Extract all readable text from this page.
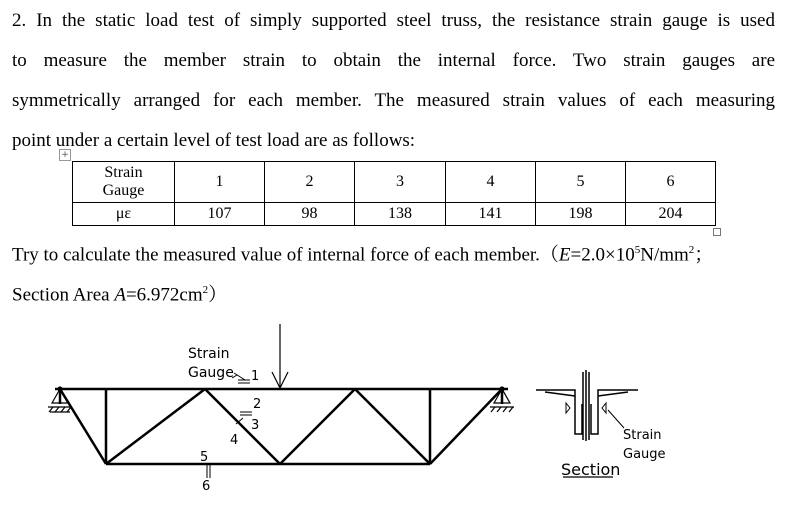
2. In the static load test of simply supported steel truss, the resistance strain gauge is used
to measure the member strain to obtain the internal force. Two strain gauges are
symmetrically arranged for each member. The measured strain values of each measuring
point under a certain level of test load are as follows:
+
Strain
Gauge	1	2	3	4	5	6
με	107	98	138	141	198	204
Try to calculate the measured value of internal force of each $member.(E=2.0\times 10^5N/mm^2$；
Section Area $A=6.972cm^2$）
Strain
Gauge 1
2
3
4
5
6
Section
Strain
Gauge
